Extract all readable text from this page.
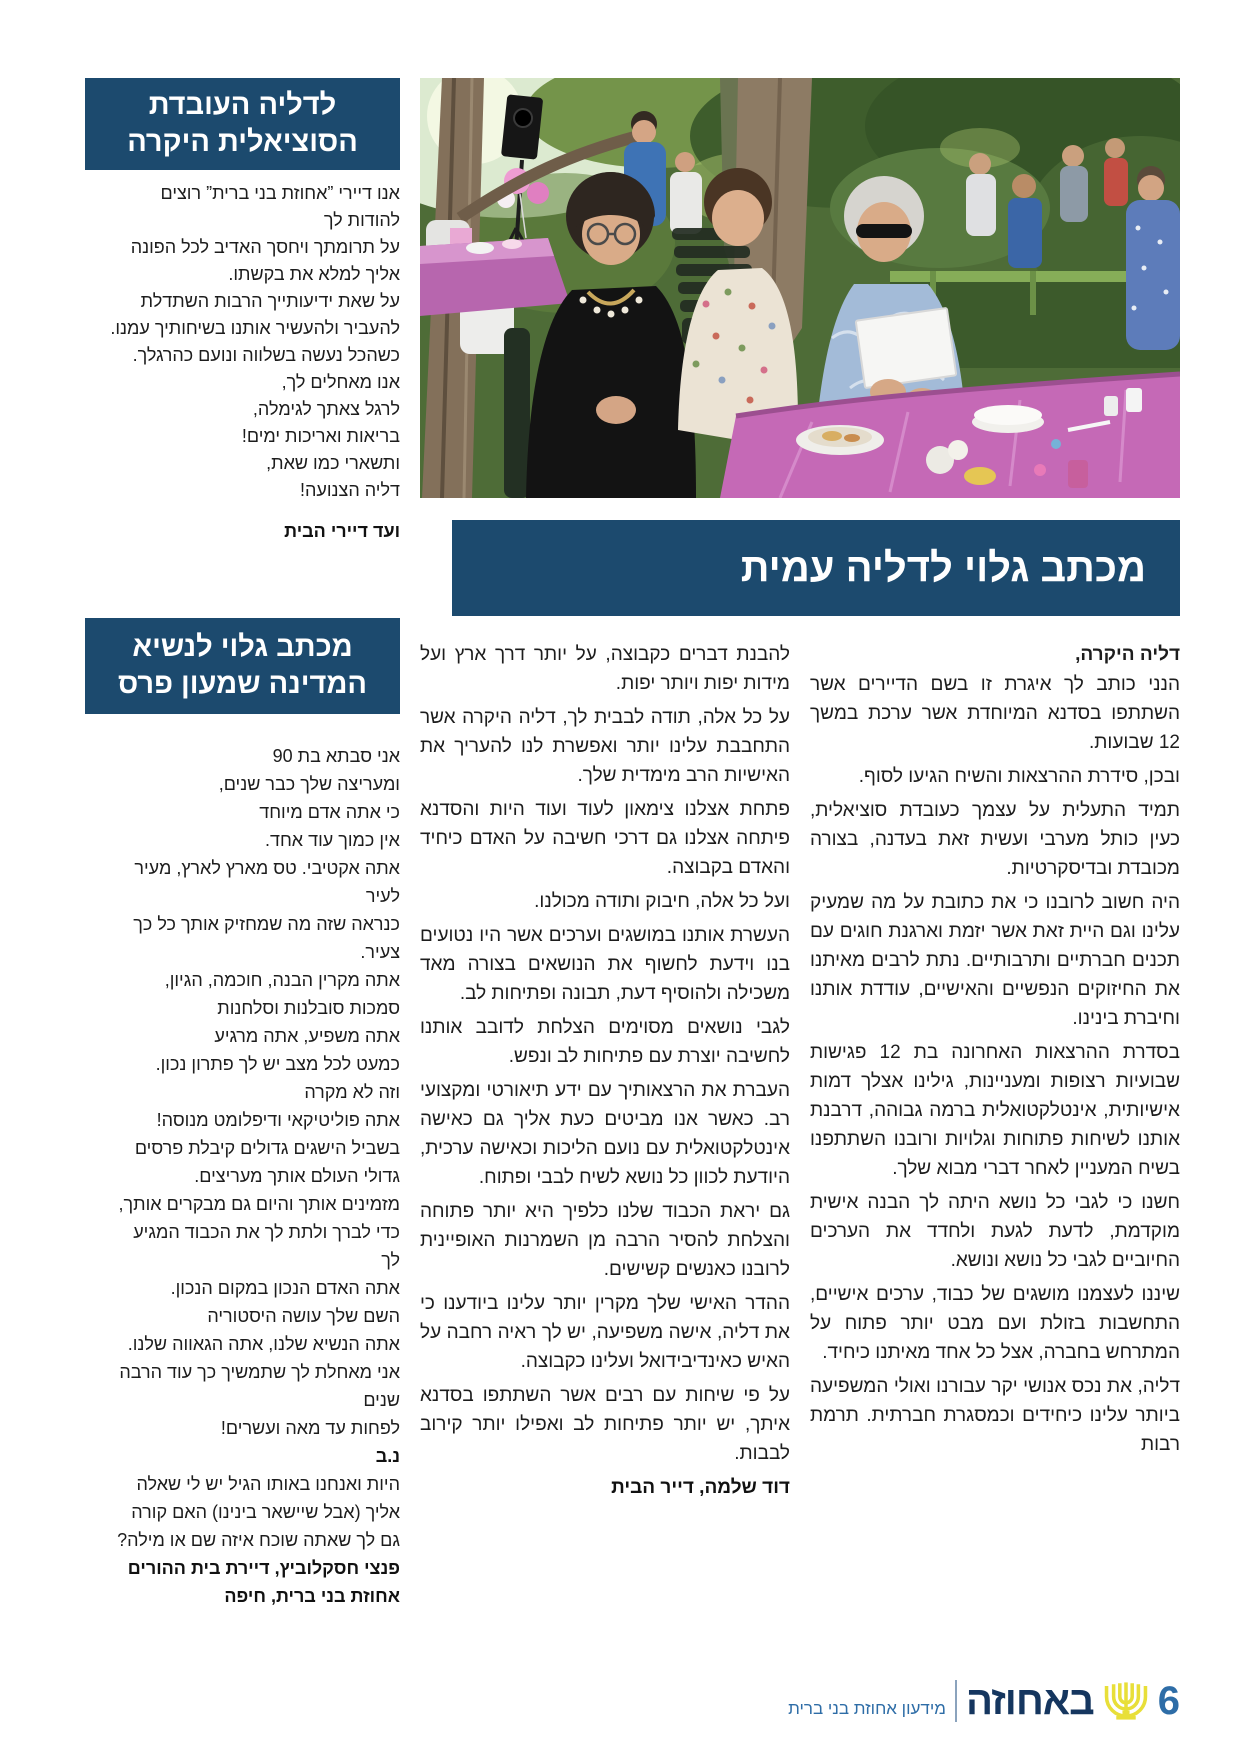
לדליה העובדת הסוציאלית היקרה
אנו דיירי ”אחוזת בני ברית” רוצים
להודות לך
על תרומתך ויחסך האדיב לכל הפונה
אליך למלא את בקשתו.
על שאת ידיעותייך הרבות השתדלת
להעביר ולהעשיר אותנו בשיחותיך עמנו.
כשהכל נעשה בשלווה ונועם כהרגלך.
אנו מאחלים לך,
לרגל צאתך לגימלה,
בריאות ואריכות ימים!
ותשארי כמו שאת,
דליה הצנועה!
ועד דיירי הבית
מכתב גלוי לנשיא המדינה שמעון פרס
אני סבתא בת 90
ומעריצה שלך כבר שנים,
כי אתה אדם מיוחד
אין כמוך עוד אחד.
אתה אקטיבי. טס מארץ לארץ, מעיר
לעיר
כנראה שזה מה שמחזיק אותך כל כך
צעיר.
אתה מקרין הבנה, חוכמה, הגיון,
סמכות סובלנות וסלחנות
אתה משפיע, אתה מרגיע
כמעט לכל מצב יש לך פתרון נכון.
וזה לא מקרה
אתה פוליטיקאי ודיפלומט מנוסה!
בשביל הישגים גדולים קיבלת פרסים
גדולי העולם אותך מעריצים.
מזמינים אותך והיום גם מבקרים אותך,
כדי לברך ולתת לך את הכבוד המגיע
לך
אתה האדם הנכון במקום הנכון.
השם שלך עושה היסטוריה
אתה הנשיא שלנו, אתה הגאווה שלנו.
אני מאחלת לך שתמשיך כך עוד הרבה
שנים
לפחות עד מאה ועשרים!
נ.ב
היות ואנחנו באותו הגיל יש לי שאלה
אליך (אבל שיישאר בינינו) האם קורה
גם לך שאתה שוכח איזה שם או מילה?
פנצי חסקלוביץ, דיירת בית ההורים
אחוזת בני ברית, חיפה
מכתב גלוי לדליה עמית

דליה היקרה,

הנני כותב לך איגרת זו בשם הדיירים אשר השתתפו בסדנא המיוחדת אשר ערכת במשך 12 שבועות.

ובכן, סידרת ההרצאות והשיח הגיעו לסוף.

תמיד התעלית על עצמך כעובדת סוציאלית, כעין כותל מערבי ועשית זאת בעדנה, בצורה מכובדת ובדיסקרטיות.

היה חשוב לרובנו כי את כתובת על מה שמעיק עלינו וגם היית זאת אשר יזמת וארגנת חוגים עם תכנים חברתיים ותרבותיים. נתת לרבים מאיתנו את החיזוקים הנפשיים והאישיים, עודדת אותנו וחיברת בינינו.

בסדרת ההרצאות האחרונה בת 12 פגישות שבועיות רצופות ומעניינות, גילינו אצלך דמות אישיותית, אינטלקטואלית ברמה גבוהה, דרבנת אותנו לשיחות פתוחות וגלויות ורובנו השתתפנו בשיח המעניין לאחר דברי מבוא שלך.

חשנו כי לגבי כל נושא היתה לך הבנה אישית מוקדמת, לדעת לגעת ולחדד את הערכים החיוביים לגבי כל נושא ונושא.

שיננו לעצמנו מושגים של כבוד, ערכים אישיים, התחשבות בזולת ועם מבט יותר פתוח על המתרחש בחברה, אצל כל אחד מאיתנו כיחיד.

דליה, את נכס אנושי יקר עבורנו ואולי המשפיעה ביותר עלינו כיחידים וכמסגרת חברתית. תרמת רבות

להבנת דברים כקבוצה, על יותר דרך ארץ ועל מידות יפות ויותר יפות.

על כל אלה, תודה לבבית לך, דליה היקרה אשר התחבבת עלינו יותר ואפשרת לנו להעריך את האישיות הרב מימדית שלך.

פתחת אצלנו צימאון לעוד ועוד היות והסדנא פיתחה אצלנו גם דרכי חשיבה על האדם כיחיד והאדם בקבוצה.

ועל כל אלה, חיבוק ותודה מכולנו.

העשרת אותנו במושגים וערכים אשר היו נטועים בנו וידעת לחשוף את הנושאים בצורה מאד משכילה ולהוסיף דעת, תבונה ופתיחות לב.

לגבי נושאים מסוימים הצלחת לדובב אותנו לחשיבה יוצרת עם פתיחות לב ונפש.

העברת את הרצאותיך עם ידע תיאורטי ומקצועי רב. כאשר אנו מביטים כעת אליך גם כאישה אינטלקטואלית עם נועם הליכות וכאישה ערכית, היודעת לכוון כל נושא לשיח לבבי ופתוח.

גם יראת הכבוד שלנו כלפיך היא יותר פתוחה והצלחת להסיר הרבה מן השמרנות האופיינית לרובנו כאנשים קשישים.

ההדר האישי שלך מקרין יותר עלינו ביודענו כי את דליה, אישה משפיעה, יש לך ראיה רחבה על האיש כאינדיבידואל ועלינו כקבוצה.

על פי שיחות עם רבים אשר השתתפו בסדנא איתך, יש יותר פתיחות לב ואפילו יותר קירוב לבבות.

דוד שלמה, דייר הבית
6
באחוזה
מידעון אחוזת בני ברית
